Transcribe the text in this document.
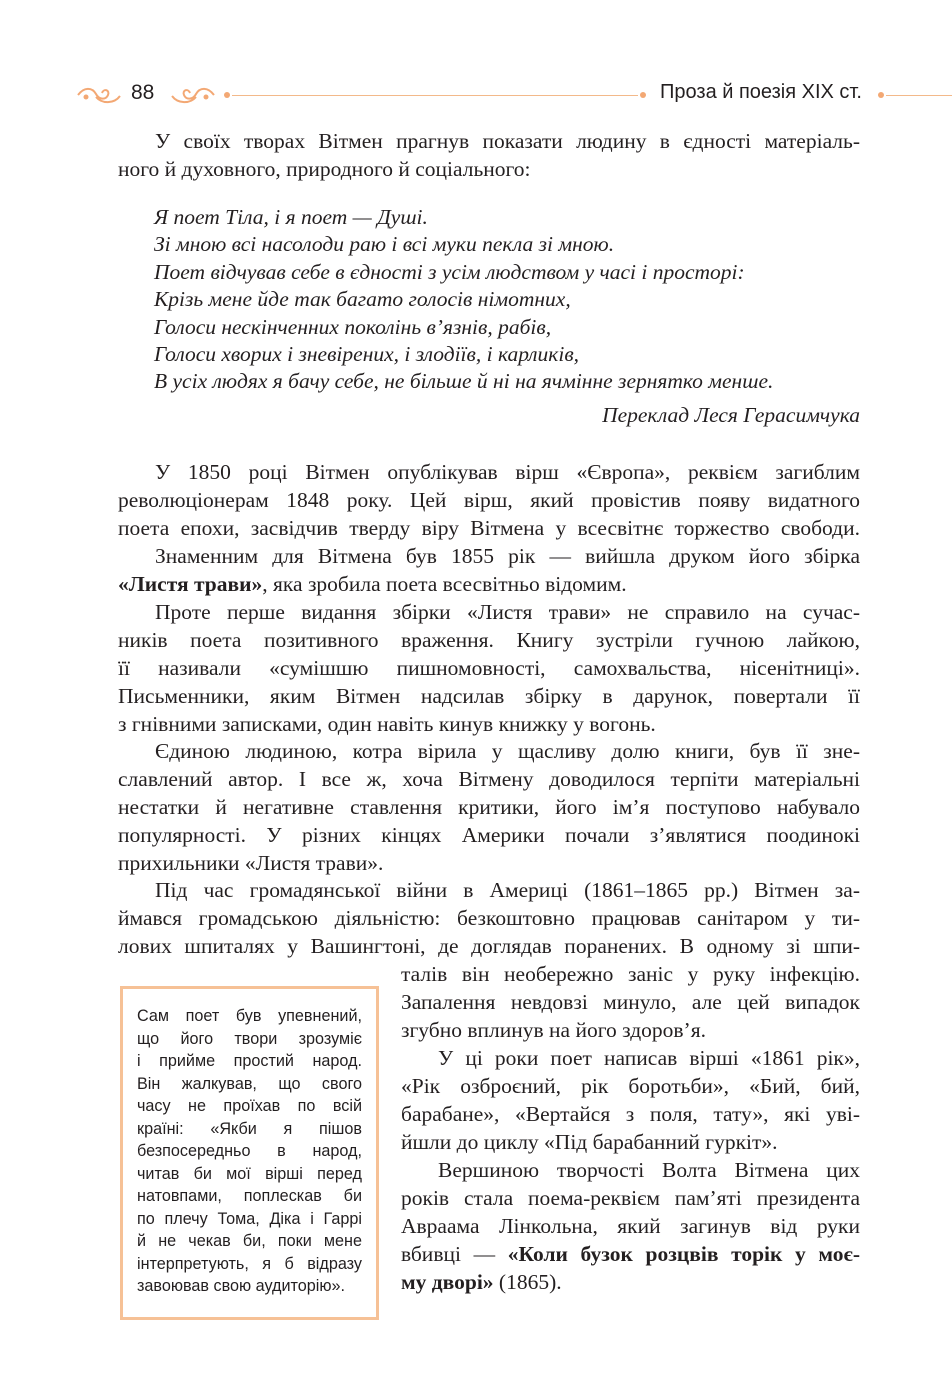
88	Проза й поезія XIX ст.
У своїх творах Вітмен прагнув показати людину в єдності матеріаль-
ного й духовного, природного й соціального:
Я поет Тіла, і я поет — Душі.
Зі мною всі насолоди раю і всі муки пекла зі мною.
Поет відчував себе в єдності з усім людством у часі і просторі:
Крізь мене йде так багато голосів німотних,
Голоси нескінченних поколінь в’язнів, рабів,
Голоси хворих і зневірених, і злодіїв, і карликів,
В усіх людях я бачу себе, не більше й ні на ячмінне зернятко менше.
Переклад Леся Герасимчука
У 1850 році Вітмен опублікував вірш «Європа», реквієм загиблим
революціонерам 1848 року. Цей вірш, який провістив появу видатного
поета епохи, засвідчив тверду віру Вітмена у всесвітнє торжество свободи.
Знаменним для Вітмена був 1855 рік — вийшла друком його збірка
«Листя трави», яка зробила поета всесвітньо відомим.
Проте перше видання збірки «Листя трави» не справило на сучас-
ників поета позитивного враження. Книгу зустріли гучною лайкою,
її називали «сумішшю пишномовності, самохвальства, нісенітниці».
Письменники, яким Вітмен надсилав збірку в дарунок, повертали її
з гнівними записками, один навіть кинув книжку у вогонь.
Єдиною людиною, котра вірила у щасливу долю книги, був її зне-
славлений автор. І все ж, хоча Вітмену доводилося терпіти матеріальні
нестатки й негативне ставлення критики, його ім’я поступово набувало
популярності. У різних кінцях Америки почали з’являтися поодинокі
прихильники «Листя трави».
Під час громадянської війни в Америці (1861–1865 рр.) Вітмен за-
ймався громадською діяльністю: безкоштовно працював санітаром у ти-
лових шпиталях у Вашингтоні, де доглядав поранених. В одному зі шпи-
талів він необережно заніс у руку інфекцію.
Запалення невдовзі минуло, але цей випадок
згубно вплинув на його здоров’я.
У ці роки поет написав вірші «1861 рік»,
«Рік озброєний, рік боротьби», «Бий, бий,
барабане», «Вертайся з поля, тату», які уві-
йшли до циклу «Під барабанний гуркіт».
Вершиною творчості Волта Вітмена цих
років стала поема-реквієм пам’яті президента
Авраама Лінкольна, який загинув від руки
вбивці — «Коли бузок розцвів торік у моє-
му дворі» (1865).
Сам поет був упевнений,
що його твори зрозуміє
і прийме простий народ.
Він жалкував, що свого
часу не проїхав по всій
країні: «Якби я пішов
безпосередньо в народ,
читав би мої вірші перед
натовпами, поплескав би
по плечу Тома, Діка і Гаррі
й не чекав би, поки мене
інтерпретують, я б відразу
завоював свою аудиторію».
